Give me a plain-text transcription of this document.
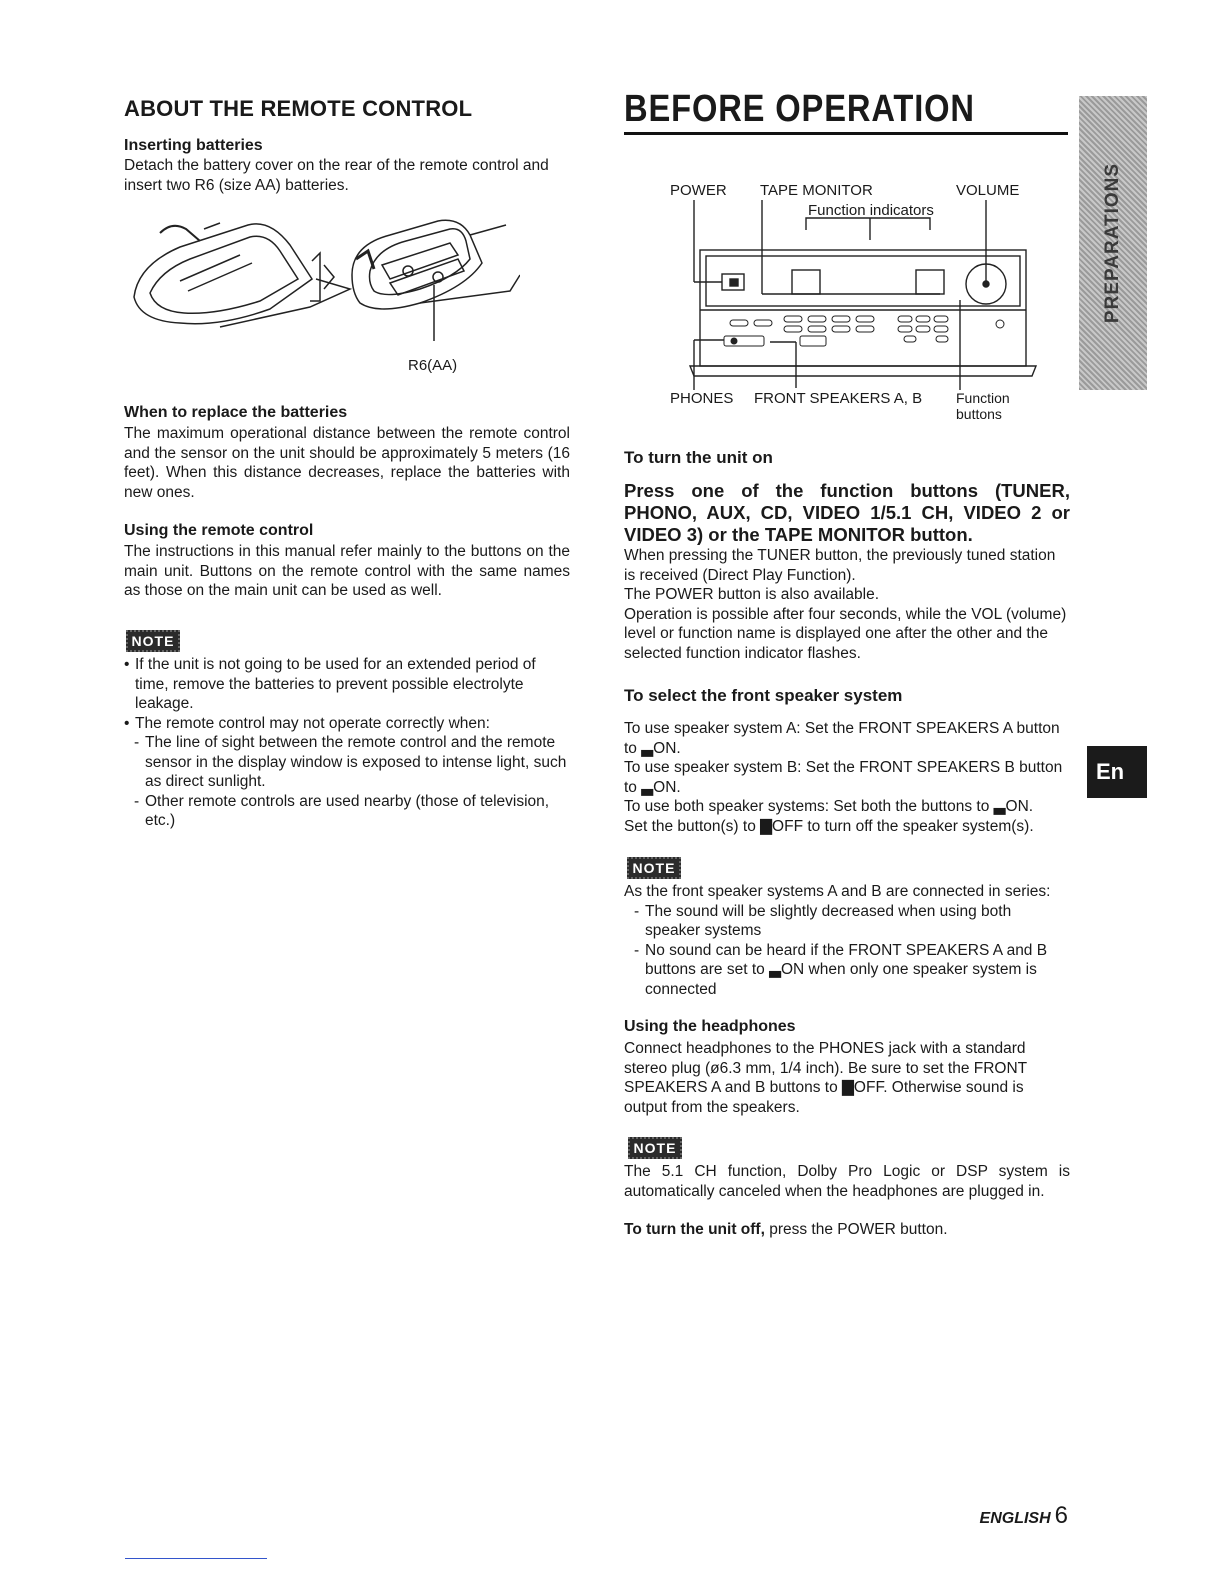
ABOUT THE REMOTE CONTROL
Inserting batteries
Detach the battery cover on the rear of the remote control and insert two R6 (size AA) batteries.
R6(AA)
When to replace the batteries
The maximum operational distance between the remote control and the sensor on the unit should be approximately 5 meters (16 feet). When this distance decreases, replace the batteries with new ones.
Using the remote control
The instructions in this manual refer mainly to the buttons on the main unit. Buttons on the remote control with the same names as those on the main unit can be used as well.
NOTE
• If the unit is not going to be used for an extended period of time, remove the batteries to prevent possible electrolyte leakage.
• The remote control may not operate correctly when:
- The line of sight between the remote control and the remote sensor in the display window is exposed to intense light, such as direct sunlight.
- Other remote controls are used nearby (those of television, etc.)
BEFORE OPERATION
POWER TAPE MONITOR	VOLUME
Function indicators
PHONES FRONT SPEAKERS A, B Function
buttons
To turn the unit on
Press one of the function buttons (TUNER, PHONO, AUX, CD, VIDEO 1/5.1 CH, VIDEO 2 or VIDEO 3) or the TAPE MONITOR button.

When pressing the TUNER button, the previously tuned station is received (Direct Play Function).

The POWER button is also available.

Operation is possible after four seconds, while the VOL (volume) level or function name is displayed one after the other and the selected function indicator flashes.

To select the front speaker system

To use speaker system A: Set the FRONT SPEAKERS A button to ▃ON.

To use speaker system B: Set the FRONT SPEAKERS B button to ▃ON.

To use both speaker systems: Set both the buttons to ▃ON.

Set the button(s) to ▇OFF to turn off the speaker system(s).

NOTE

As the front speaker systems A and B are connected in series:

- The sound will be slightly decreased when using both speaker systems
- No sound can be heard if the FRONT SPEAKERS A and B buttons are set to ▃ON when only one speaker system is connected
Using the headphones
Connect headphones to the PHONES jack with a standard stereo plug (ø6.3 mm, 1/4 inch). Be sure to set the FRONT SPEAKERS A and B buttons to ▇OFF. Otherwise sound is output from the speakers.
NOTE
The 5.1 CH function, Dolby Pro Logic or DSP system is automatically canceled when the headphones are plugged in.
To turn the unit off, press the POWER button.
PREPARATIONS
En
ENGLISH 6
